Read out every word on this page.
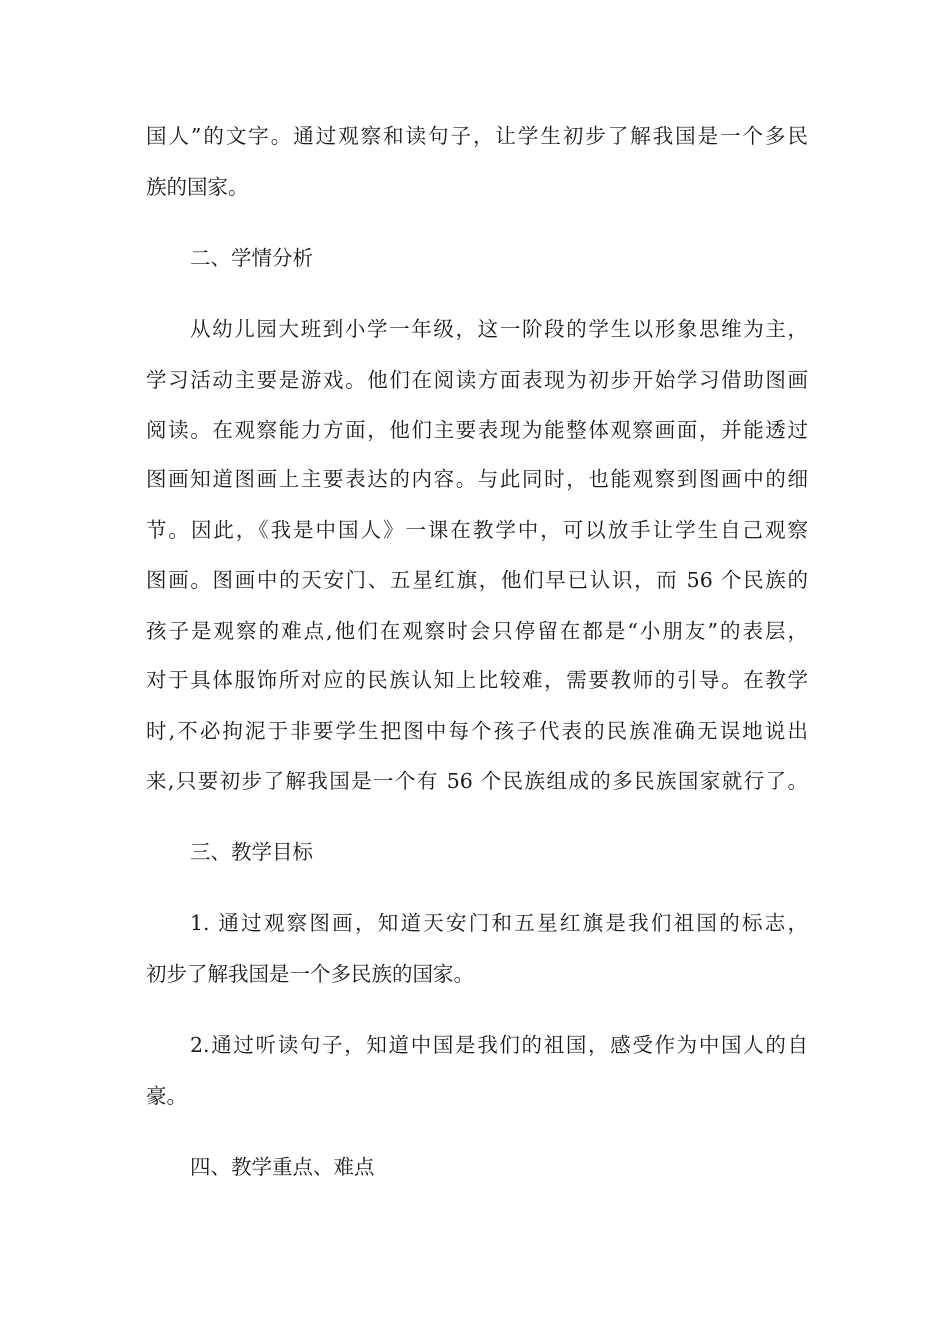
国人”的文字。通过观察和读句子，让学生初步了解我国是一个多民
族的国家。
二、学情分析
从幼儿园大班到小学一年级，这一阶段的学生以形象思维为主，
学习活动主要是游戏。他们在阅读方面表现为初步开始学习借助图画
阅读。在观察能力方面，他们主要表现为能整体观察画面，并能透过
图画知道图画上主要表达的内容。与此同时，也能观察到图画中的细
节。因此，《我是中国人》一课在教学中，可以放手让学生自己观察
图画。图画中的天安门、五星红旗，他们早已认识，而 56 个民族的
孩子是观察的难点,他们在观察时会只停留在都是“小朋友”的表层，
对于具体服饰所对应的民族认知上比较难，需要教师的引导。在教学
时,不必拘泥于非要学生把图中每个孩子代表的民族准确无误地说出
来,只要初步了解我国是一个有 56 个民族组成的多民族国家就行了。
三、教学目标
1. 通过观察图画，知道天安门和五星红旗是我们祖国的标志，
初步了解我国是一个多民族的国家。
2.通过听读句子，知道中国是我们的祖国，感受作为中国人的自
豪。
四、教学重点、难点
